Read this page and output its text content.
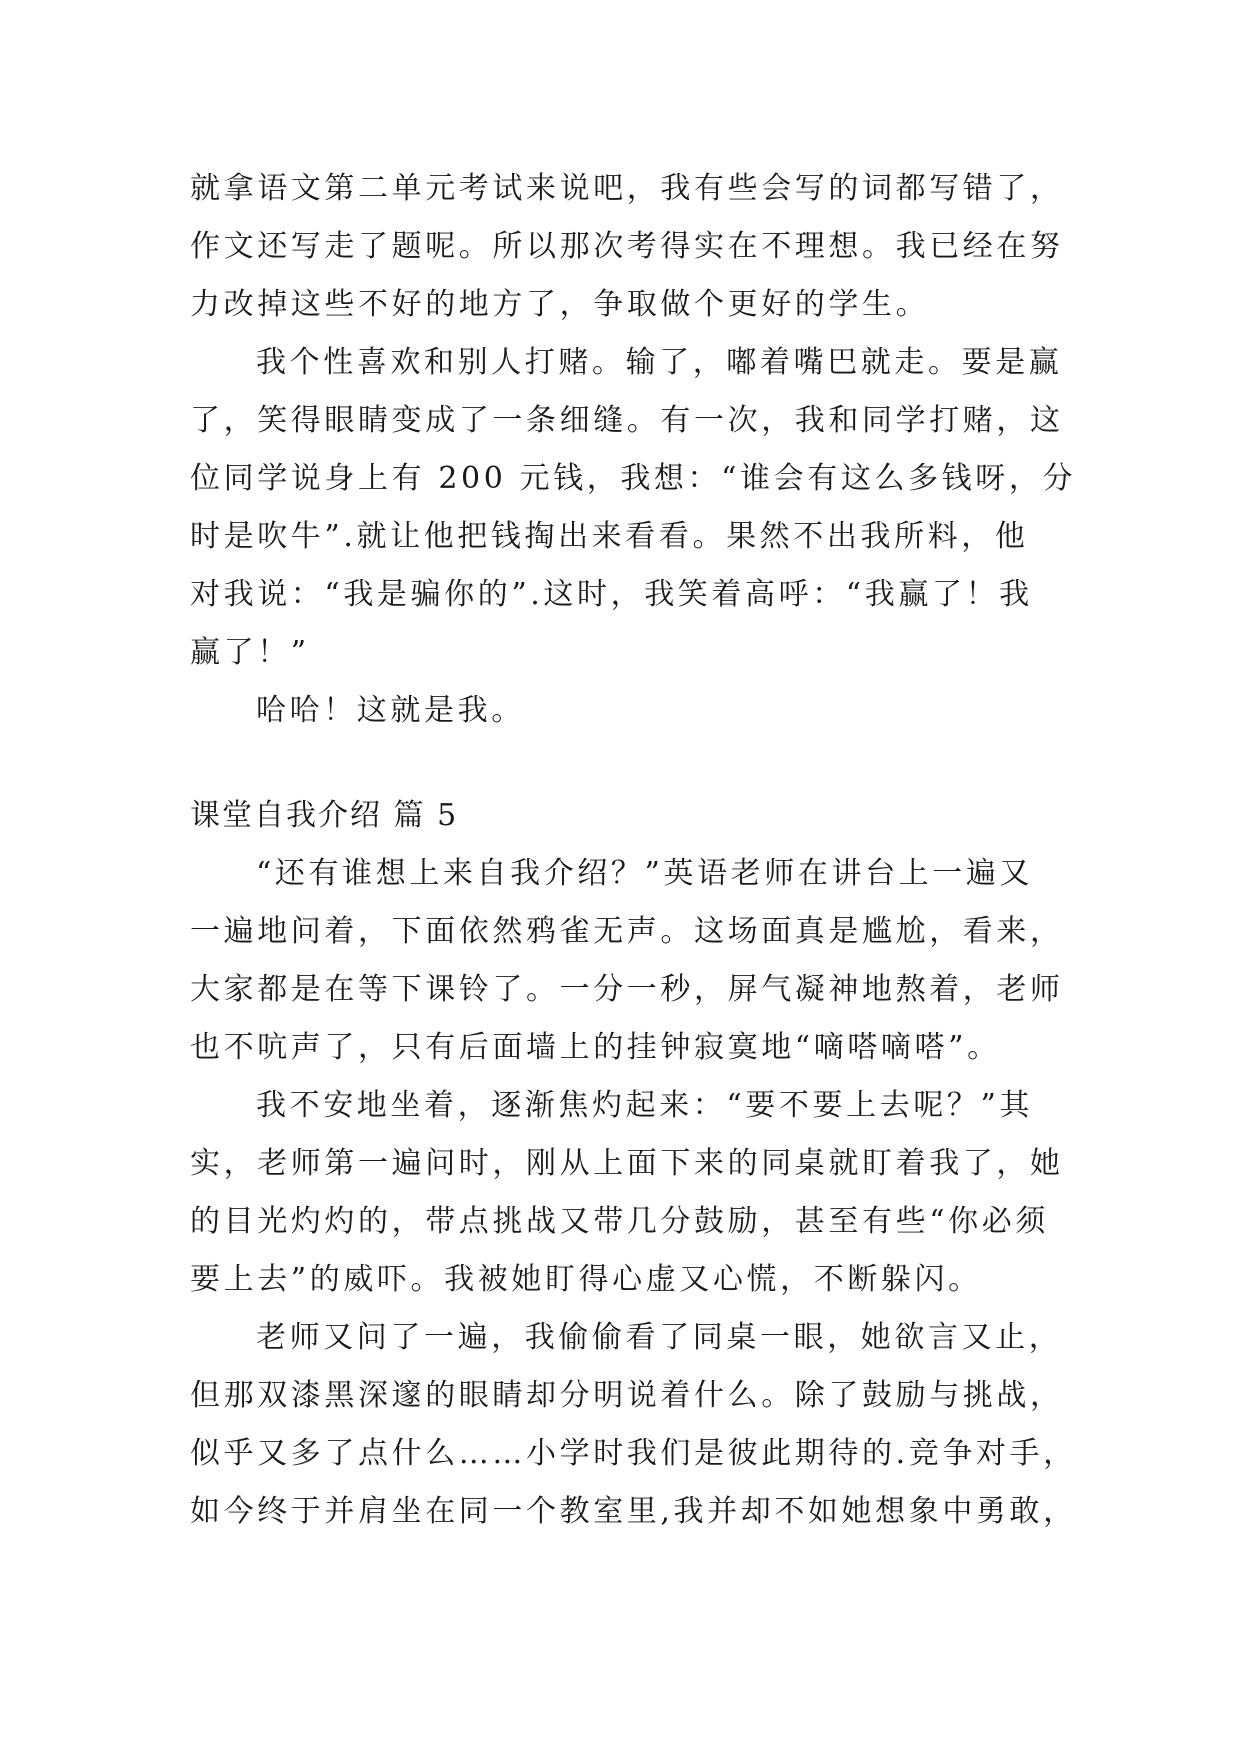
就拿语文第二单元考试来说吧，我有些会写的词都写错了，
作文还写走了题呢。所以那次考得实在不理想。我已经在努
力改掉这些不好的地方了，争取做个更好的学生。
我个性喜欢和别人打赌。输了，嘟着嘴巴就走。要是赢
了，笑得眼睛变成了一条细缝。有一次，我和同学打赌，这
位同学说身上有 200 元钱，我想：“谁会有这么多钱呀，分
时是吹牛”.就让他把钱掏出来看看。果然不出我所料，他
对我说：“我是骗你的”.这时，我笑着高呼：“我赢了！我
赢了！”
哈哈！这就是我。
课堂自我介绍 篇 5
“还有谁想上来自我介绍？”英语老师在讲台上一遍又
一遍地问着，下面依然鸦雀无声。这场面真是尴尬，看来，
大家都是在等下课铃了。一分一秒，屏气凝神地熬着，老师
也不吭声了，只有后面墙上的挂钟寂寞地“嘀嗒嘀嗒”。
我不安地坐着，逐渐焦灼起来：“要不要上去呢？”其
实，老师第一遍问时，刚从上面下来的同桌就盯着我了，她
的目光灼灼的，带点挑战又带几分鼓励，甚至有些“你必须
要上去”的威吓。我被她盯得心虚又心慌，不断躲闪。
老师又问了一遍，我偷偷看了同桌一眼，她欲言又止，
但那双漆黑深邃的眼睛却分明说着什么。除了鼓励与挑战，
似乎又多了点什么……小学时我们是彼此期待的.竞争对手，
如今终于并肩坐在同一个教室里,我并却不如她想象中勇敢，
